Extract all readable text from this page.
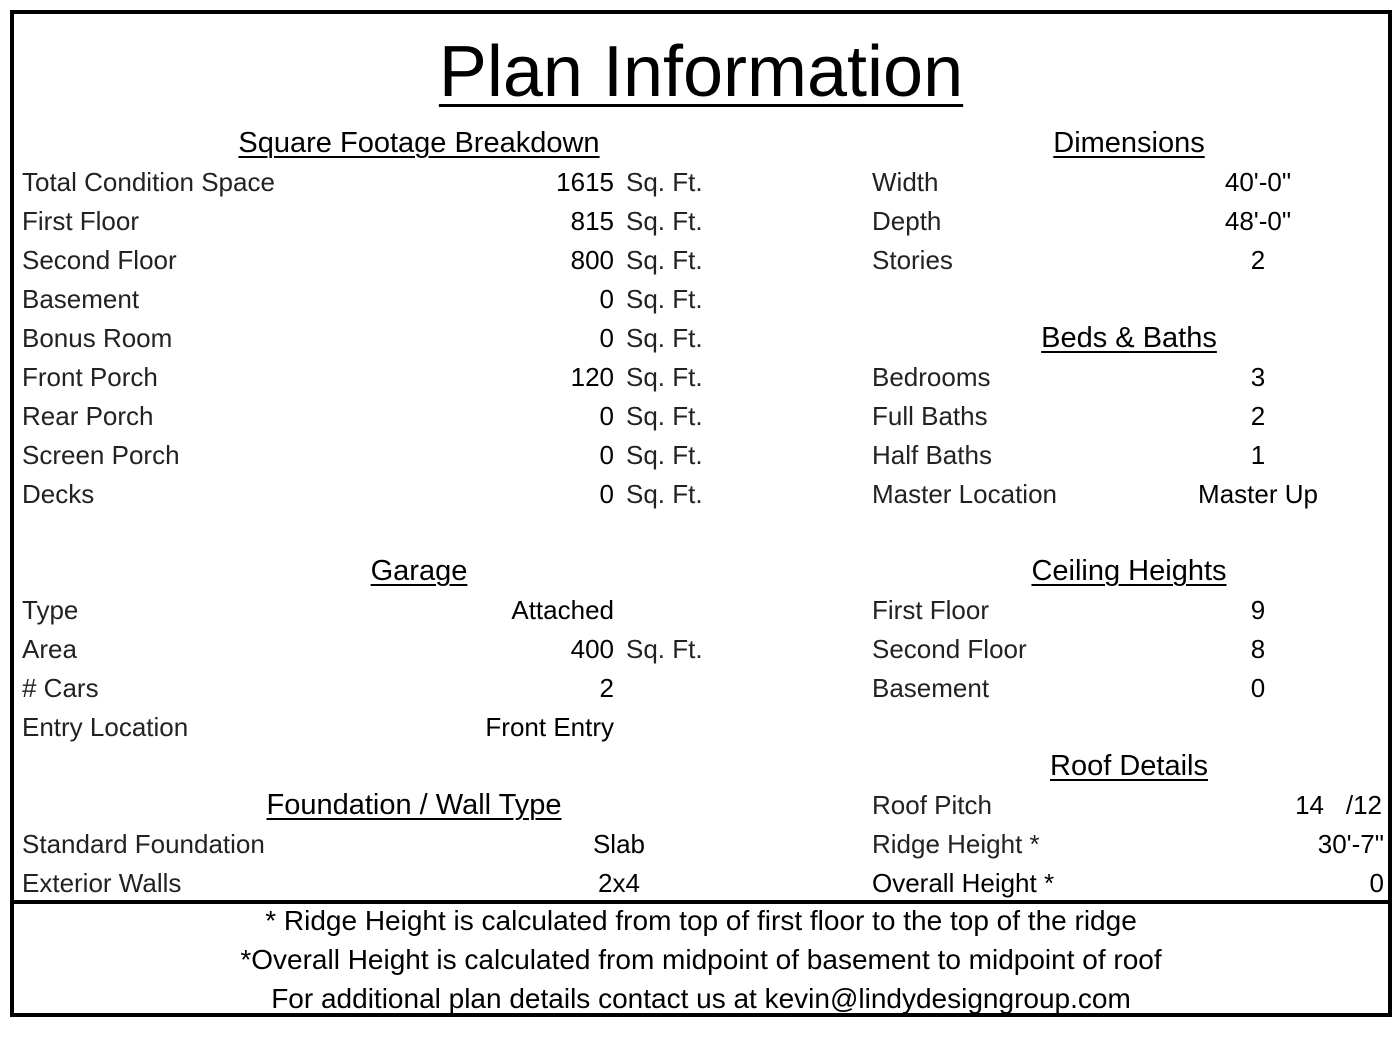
Plan Information
Square Footage Breakdown
Total Condition Space	1615 Sq. Ft.
First Floor	815 Sq. Ft.
Second Floor	800 Sq. Ft.
Basement	0 Sq. Ft.
Bonus Room	0 Sq. Ft.
Front Porch	120 Sq. Ft.
Rear Porch	0 Sq. Ft.
Screen Porch	0 Sq. Ft.
Decks	0 Sq. Ft.
Garage
Type	Attached
Area	400 Sq. Ft.
# Cars	2
Entry Location	Front Entry
Foundation / Wall Type
Standard Foundation	Slab
Exterior Walls	2x4
Dimensions
Width	40'-0"
Depth	48'-0"
Stories	2
Beds & Baths
Bedrooms	3
Full Baths	2
Half Baths	1
Master Location	Master Up
Ceiling Heights
First Floor	9
Second Floor	8
Basement	0
Roof Details
Roof Pitch	14 /12
Ridge Height *	30'-7"
Overall Height *	0
* Ridge Height is calculated from top of first floor to the top of the ridge
*Overall Height is calculated from midpoint of basement to midpoint of roof
For additional plan details contact us at kevin@lindydesigngroup.com
